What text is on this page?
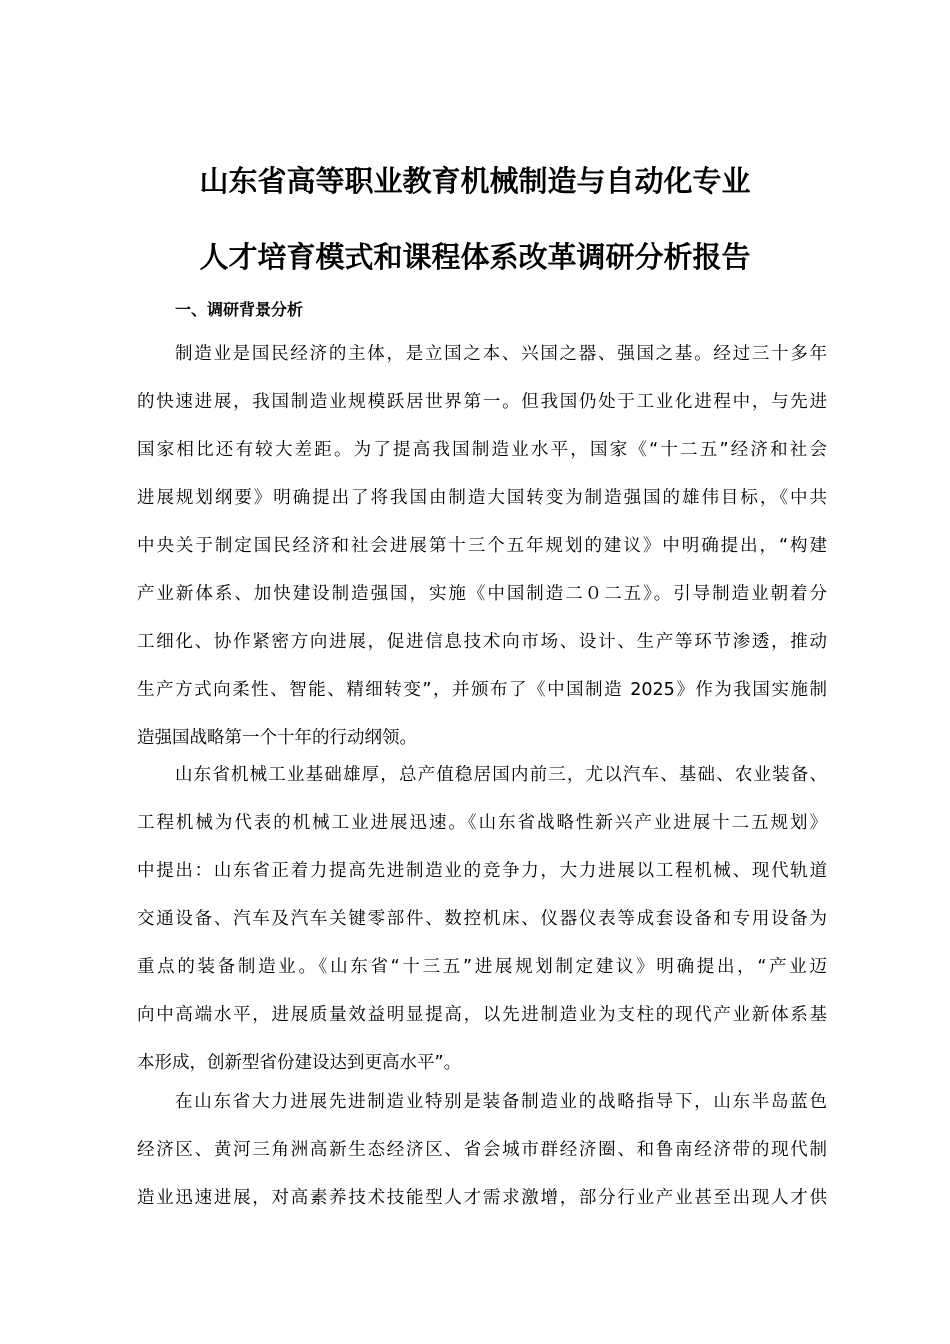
山东省高等职业教育机械制造与自动化专业
人才培育模式和课程体系改革调研分析报告
一、调研背景分析
制造业是国民经济的主体，是立国之本、兴国之器、强国之基。经过三十多年
的快速进展，我国制造业规模跃居世界第一。但我国仍处于工业化进程中，与先进
国家相比还有较大差距。为了提高我国制造业水平，国家《“十二五”经济和社会
进展规划纲要》明确提出了将我国由制造大国转变为制造强国的雄伟目标，《中共
中央关于制定国民经济和社会进展第十三个五年规划的建议》中明确提出，“构建
产业新体系、加快建设制造强国，实施《中国制造二０二五》。引导制造业朝着分
工细化、协作紧密方向进展，促进信息技术向市场、设计、生产等环节渗透，推动
生产方式向柔性、智能、精细转变”，并颁布了《中国制造 2025》作为我国实施制
造强国战略第一个十年的行动纲领。
山东省机械工业基础雄厚，总产值稳居国内前三，尤以汽车、基础、农业装备、
工程机械为代表的机械工业进展迅速。《山东省战略性新兴产业进展十二五规划》
中提出：山东省正着力提高先进制造业的竞争力，大力进展以工程机械、现代轨道
交通设备、汽车及汽车关键零部件、数控机床、仪器仪表等成套设备和专用设备为
重点的装备制造业。《山东省“十三五”进展规划制定建议》明确提出，“产业迈
向中高端水平，进展质量效益明显提高，以先进制造业为支柱的现代产业新体系基
本形成，创新型省份建设达到更高水平”。
在山东省大力进展先进制造业特别是装备制造业的战略指导下，山东半岛蓝色
经济区、黄河三角洲高新生态经济区、省会城市群经济圈、和鲁南经济带的现代制
造业迅速进展，对高素养技术技能型人才需求激增，部分行业产业甚至出现人才供
